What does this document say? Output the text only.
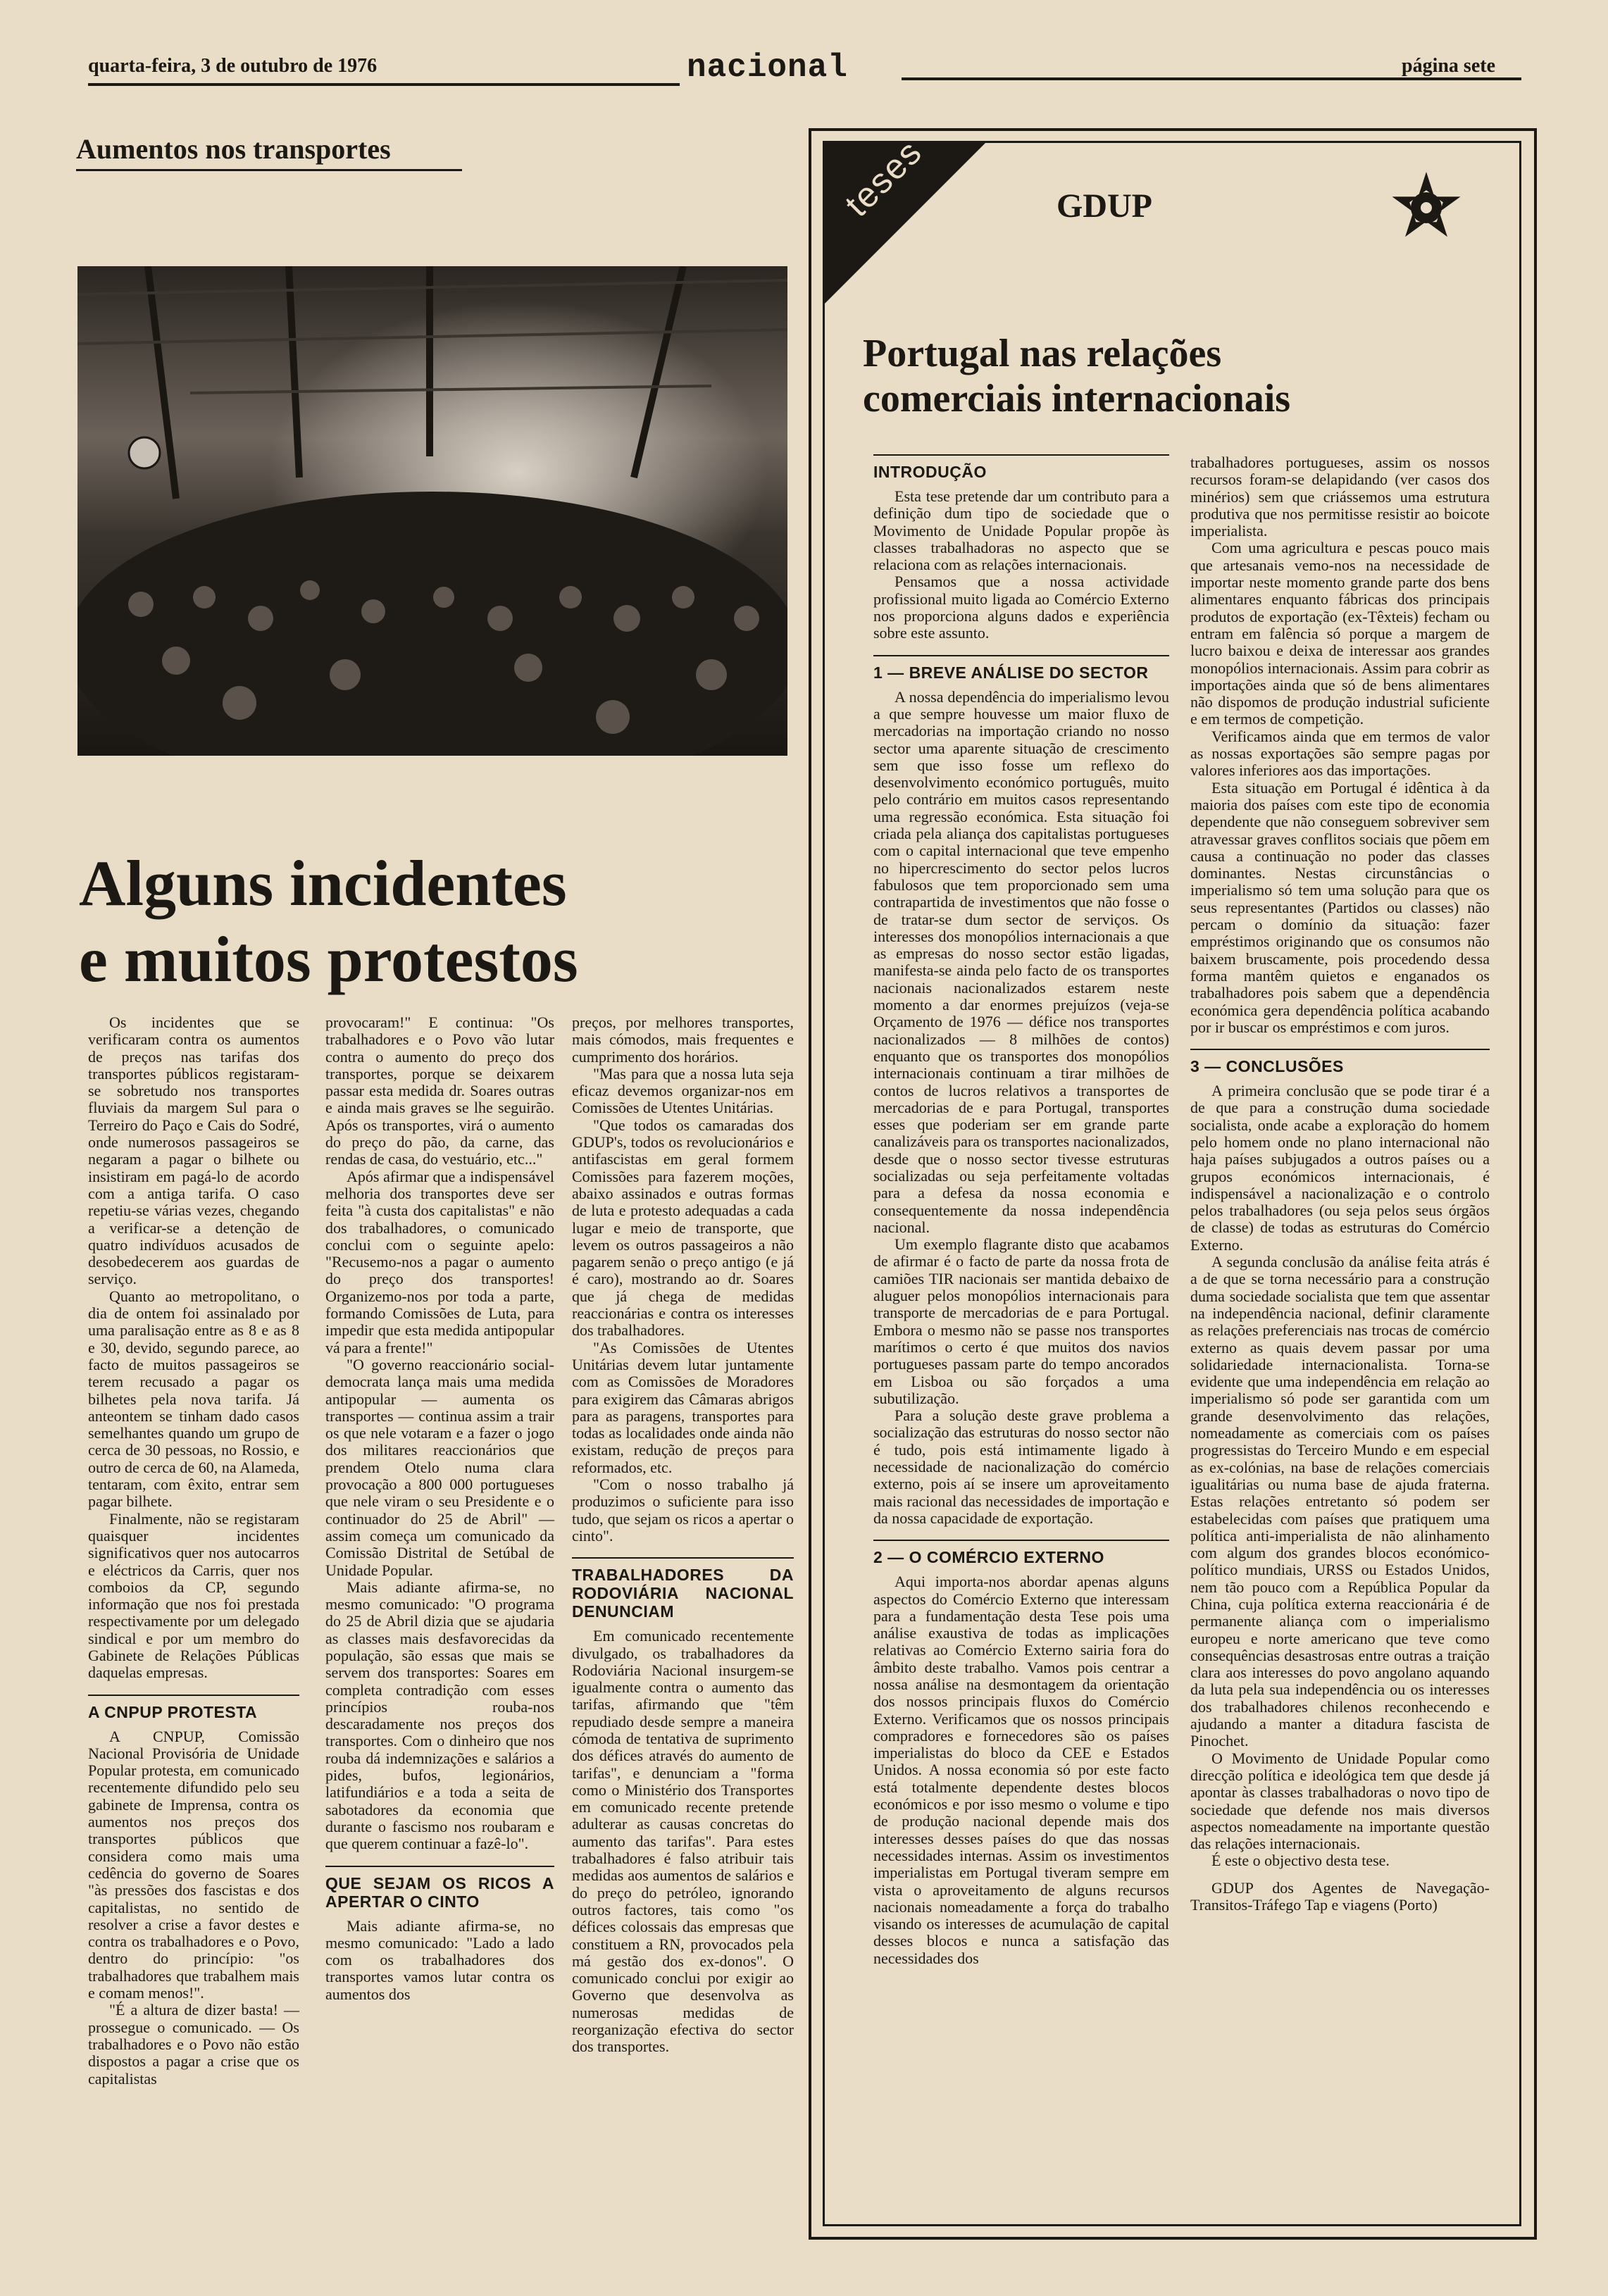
quarta-feira, 3 de outubro de 1976	nacional	página sete
Aumentos nos transportes
Alguns incidentes
e muitos protestos

Os incidentes que se verificaram contra os aumentos de preços nas tarifas dos transportes públicos registaram-se sobretudo nos transportes fluviais da margem Sul para o Terreiro do Paço e Cais do Sodré, onde numerosos passageiros se negaram a pagar o bilhete ou insistiram em pagá-lo de acordo com a antiga tarifa. O caso repetiu-se várias vezes, chegando a verificar-se a detenção de quatro indivíduos acusados de desobedecerem aos guardas de serviço.

Quanto ao metropolitano, o dia de ontem foi assinalado por uma paralisação entre as 8 e as 8 e 30, devido, segundo parece, ao facto de muitos passageiros se terem recusado a pagar os bilhetes pela nova tarifa. Já anteontem se tinham dado casos semelhantes quando um grupo de cerca de 30 pessoas, no Rossio, e outro de cerca de 60, na Alameda, tentaram, com êxito, entrar sem pagar bilhete.

Finalmente, não se registaram quaisquer incidentes significativos quer nos autocarros e eléctricos da Carris, quer nos comboios da CP, segundo informação que nos foi prestada respectivamente por um delegado sindical e por um membro do Gabinete de Relações Públicas daquelas empresas.

A CNPUP PROTESTA

A CNPUP, Comissão Nacional Provisória de Unidade Popular protesta, em comunicado recentemente difundido pelo seu gabinete de Imprensa, contra os aumentos nos preços dos transportes públicos que considera como mais uma cedência do governo de Soares "às pressões dos fascistas e dos capitalistas, no sentido de resolver a crise a favor destes e contra os trabalhadores e o Povo, dentro do princípio: "os trabalhadores que trabalhem mais e comam menos!".

"É a altura de dizer basta! — prossegue o comunicado. — Os trabalhadores e o Povo não estão dispostos a pagar a crise que os capitalistas

provocaram!" E continua: "Os trabalhadores e o Povo vão lutar contra o aumento do preço dos transportes, porque se deixarem passar esta medida dr. Soares outras e ainda mais graves se lhe seguirão. Após os transportes, virá o aumento do preço do pão, da carne, das rendas de casa, do vestuário, etc..."

Após afirmar que a indispensável melhoria dos transportes deve ser feita "à custa dos capitalistas" e não dos trabalhadores, o comunicado conclui com o seguinte apelo: "Recusemo-nos a pagar o aumento do preço dos transportes! Organizemo-nos por toda a parte, formando Comissões de Luta, para impedir que esta medida antipopular vá para a frente!"

"O governo reaccionário social-democrata lança mais uma medida antipopular — aumenta os transportes — continua assim a trair os que nele votaram e a fazer o jogo dos militares reaccionários que prendem Otelo numa clara provocação a 800 000 portugueses que nele viram o seu Presidente e o continuador do 25 de Abril" — assim começa um comunicado da Comissão Distrital de Setúbal de Unidade Popular.

Mais adiante afirma-se, no mesmo comunicado: "O programa do 25 de Abril dizia que se ajudaria as classes mais desfavorecidas da população, são essas que mais se servem dos transportes: Soares em completa contradição com esses princípios rouba-nos descaradamente nos preços dos transportes. Com o dinheiro que nos rouba dá indemnizações e salários a pides, bufos, legionários, latifundiários e a toda a seita de sabotadores da economia que durante o fascismo nos roubaram e que querem continuar a fazê-lo".

QUE SEJAM OS RICOS A APERTAR O CINTO

Mais adiante afirma-se, no mesmo comunicado: "Lado a lado com os trabalhadores dos transportes vamos lutar contra os aumentos dos

preços, por melhores transportes, mais cómodos, mais frequentes e cumprimento dos horários.

"Mas para que a nossa luta seja eficaz devemos organizar-nos em Comissões de Utentes Unitárias.

"Que todos os camaradas dos GDUP's, todos os revolucionários e antifascistas em geral formem Comissões para fazerem moções, abaixo assinados e outras formas de luta e protesto adequadas a cada lugar e meio de transporte, que levem os outros passageiros a não pagarem senão o preço antigo (e já é caro), mostrando ao dr. Soares que já chega de medidas reaccionárias e contra os interesses dos trabalhadores.

"As Comissões de Utentes Unitárias devem lutar juntamente com as Comissões de Moradores para exigirem das Câmaras abrigos para as paragens, transportes para todas as localidades onde ainda não existam, redução de preços para reformados, etc.

"Com o nosso trabalho já produzimos o suficiente para isso tudo, que sejam os ricos a apertar o cinto".

TRABALHADORES DA RODOVIÁRIA NACIONAL DENUNCIAM

Em comunicado recentemente divulgado, os trabalhadores da Rodoviária Nacional insurgem-se igualmente contra o aumento das tarifas, afirmando que "têm repudiado desde sempre a maneira cómoda de tentativa de suprimento dos défices através do aumento de tarifas", e denunciam a "forma como o Ministério dos Transportes em comunicado recente pretende adulterar as causas concretas do aumento das tarifas". Para estes trabalhadores é falso atribuir tais medidas aos aumentos de salários e do preço do petróleo, ignorando outros factores, tais como "os défices colossais das empresas que constituem a RN, provocados pela má gestão dos ex-donos". O comunicado conclui por exigir ao Governo que desenvolva as numerosas medidas de reorganização efectiva do sector dos transportes.

teses	GDUP
Portugal nas relações
comerciais internacionais
INTRODUÇÃO

Esta tese pretende dar um contributo para a definição dum tipo de sociedade que o Movimento de Unidade Popular propõe às classes trabalhadoras no aspecto que se relaciona com as relações internacionais.

Pensamos que a nossa actividade profissional muito ligada ao Comércio Externo nos proporciona alguns dados e experiência sobre este assunto.

1 — BREVE ANÁLISE DO SECTOR

A nossa dependência do imperialismo levou a que sempre houvesse um maior fluxo de mercadorias na importação criando no nosso sector uma aparente situação de crescimento sem que isso fosse um reflexo do desenvolvimento económico português, muito pelo contrário em muitos casos representando uma regressão económica. Esta situação foi criada pela aliança dos capitalistas portugueses com o capital internacional que teve empenho no hipercrescimento do sector pelos lucros fabulosos que tem proporcionado sem uma contrapartida de investimentos que não fosse o de tratar-se dum sector de serviços. Os interesses dos monopólios internacionais a que as empresas do nosso sector estão ligadas, manifesta-se ainda pelo facto de os transportes nacionais nacionalizados estarem neste momento a dar enormes prejuízos (veja-se Orçamento de 1976 — défice nos transportes nacionalizados — 8 milhões de contos) enquanto que os transportes dos monopólios internacionais continuam a tirar milhões de contos de lucros relativos a transportes de mercadorias de e para Portugal, transportes esses que poderiam ser em grande parte canalizáveis para os transportes nacionalizados, desde que o nosso sector tivesse estruturas socializadas ou seja perfeitamente voltadas para a defesa da nossa economia e consequentemente da nossa independência nacional.

Um exemplo flagrante disto que acabamos de afirmar é o facto de parte da nossa frota de camiões TIR nacionais ser mantida debaixo de aluguer pelos monopólios internacionais para transporte de mercadorias de e para Portugal. Embora o mesmo não se passe nos transportes marítimos o certo é que muitos dos navios portugueses passam parte do tempo ancorados em Lisboa ou são forçados a uma subutilização.

Para a solução deste grave problema a socialização das estruturas do nosso sector não é tudo, pois está intimamente ligado à necessidade de nacionalização do comércio externo, pois aí se insere um aproveitamento mais racional das necessidades de importação e da nossa capacidade de exportação.

2 — O COMÉRCIO EXTERNO

Aqui importa-nos abordar apenas alguns aspectos do Comércio Externo que interessam para a fundamentação desta Tese pois uma análise exaustiva de todas as implicações relativas ao Comércio Externo sairia fora do âmbito deste trabalho. Vamos pois centrar a nossa análise na desmontagem da orientação dos nossos principais fluxos do Comércio Externo. Verificamos que os nossos principais compradores e fornecedores são os países imperialistas do bloco da CEE e Estados Unidos. A nossa economia só por este facto está totalmente dependente destes blocos económicos e por isso mesmo o volume e tipo de produção nacional depende mais dos interesses desses países do que das nossas necessidades internas. Assim os investimentos imperialistas em Portugal tiveram sempre em vista o aproveitamento de alguns recursos nacionais nomeadamente a força do trabalho visando os interesses de acumulação de capital desses blocos e nunca a satisfação das necessidades dos

trabalhadores portugueses, assim os nossos recursos foram-se delapidando (ver casos dos minérios) sem que criássemos uma estrutura produtiva que nos permitisse resistir ao boicote imperialista.

Com uma agricultura e pescas pouco mais que artesanais vemo-nos na necessidade de importar neste momento grande parte dos bens alimentares enquanto fábricas dos principais produtos de exportação (ex-Têxteis) fecham ou entram em falência só porque a margem de lucro baixou e deixa de interessar aos grandes monopólios internacionais. Assim para cobrir as importações ainda que só de bens alimentares não dispomos de produção industrial suficiente e em termos de competição.

Verificamos ainda que em termos de valor as nossas exportações são sempre pagas por valores inferiores aos das importações.

Esta situação em Portugal é idêntica à da maioria dos países com este tipo de economia dependente que não conseguem sobreviver sem atravessar graves conflitos sociais que põem em causa a continuação no poder das classes dominantes. Nestas circunstâncias o imperialismo só tem uma solução para que os seus representantes (Partidos ou classes) não percam o domínio da situação: fazer empréstimos originando que os consumos não baixem bruscamente, pois procedendo dessa forma mantêm quietos e enganados os trabalhadores pois sabem que a dependência económica gera dependência política acabando por ir buscar os empréstimos e com juros.

3 — CONCLUSÕES

A primeira conclusão que se pode tirar é a de que para a construção duma sociedade socialista, onde acabe a exploração do homem pelo homem onde no plano internacional não haja países subjugados a outros países ou a grupos económicos internacionais, é indispensável a nacionalização e o controlo pelos trabalhadores (ou seja pelos seus órgãos de classe) de todas as estruturas do Comércio Externo.

A segunda conclusão da análise feita atrás é a de que se torna necessário para a construção duma sociedade socialista que tem que assentar na independência nacional, definir claramente as relações preferenciais nas trocas de comércio externo as quais devem passar por uma solidariedade internacionalista. Torna-se evidente que uma independência em relação ao imperialismo só pode ser garantida com um grande desenvolvimento das relações, nomeadamente as comerciais com os países progressistas do Terceiro Mundo e em especial as ex-colónias, na base de relações comerciais igualitárias ou numa base de ajuda fraterna. Estas relações entretanto só podem ser estabelecidas com países que pratiquem uma política anti-imperialista de não alinhamento com algum dos grandes blocos económico-político mundiais, URSS ou Estados Unidos, nem tão pouco com a República Popular da China, cuja política externa reaccionária é de permanente aliança com o imperialismo europeu e norte americano que teve como consequências desastrosas entre outras a traição clara aos interesses do povo angolano aquando da luta pela sua independência ou os interesses dos trabalhadores chilenos reconhecendo e ajudando a manter a ditadura fascista de Pinochet.

O Movimento de Unidade Popular como direcção política e ideológica tem que desde já apontar às classes trabalhadoras o novo tipo de sociedade que defende nos mais diversos aspectos nomeadamente na importante questão das relações internacionais.

É este o objectivo desta tese.

GDUP dos Agentes de Navegação-Transitos-Tráfego Tap e viagens (Porto)
